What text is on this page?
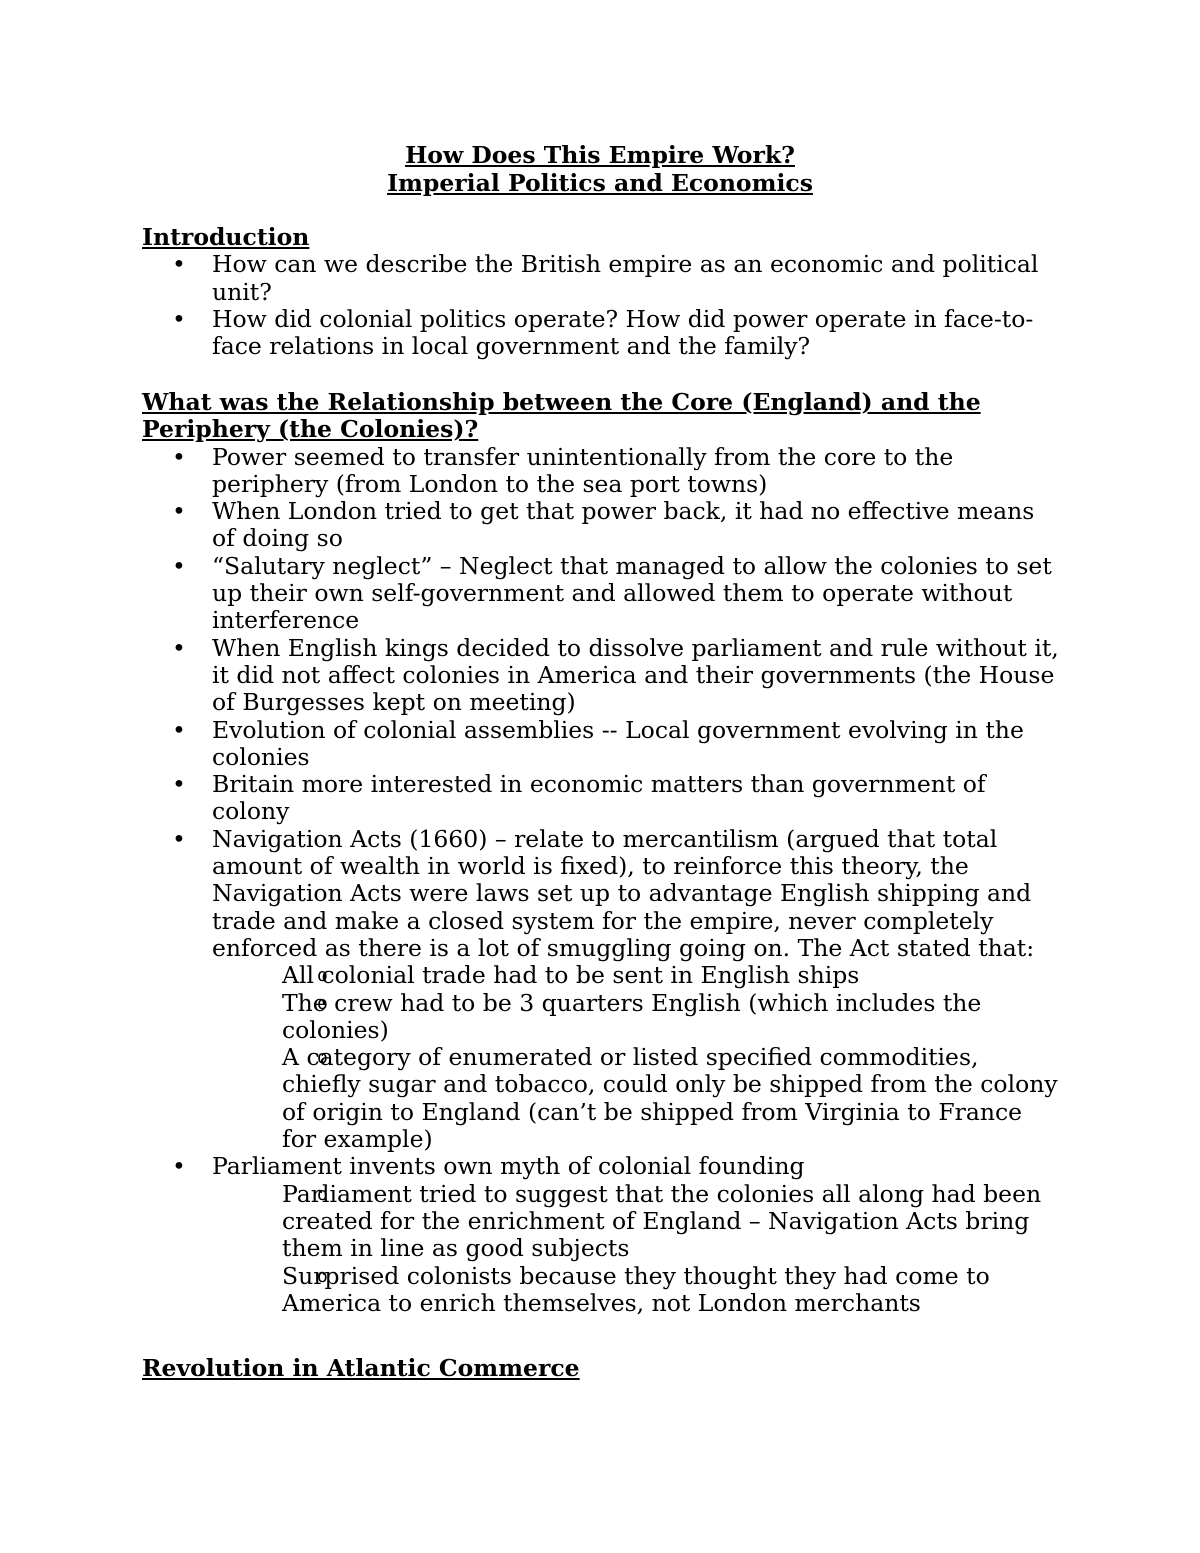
How Does This Empire Work?
Imperial Politics and Economics
Introduction
• How can we describe the British empire as an economic and political unit?
• How did colonial politics operate? How did power operate in face-to-face relations in local government and the family?
What was the Relationship between the Core (England) and the Periphery (the Colonies)?
• Power seemed to transfer unintentionally from the core to the periphery (from London to the sea port towns)
• When London tried to get that power back, it had no effective means of doing so
• “Salutary neglect” – Neglect that managed to allow the colonies to set up their own self-government and allowed them to operate without interference
• When English kings decided to dissolve parliament and rule without it, it did not affect colonies in America and their governments (the House of Burgesses kept on meeting)
• Evolution of colonial assemblies -- Local government evolving in the colonies
• Britain more interested in economic matters than government of colony
• Navigation Acts (1660) – relate to mercantilism (argued that total amount of wealth in world is fixed), to reinforce this theory, the Navigation Acts were laws set up to advantage English shipping and trade and make a closed system for the empire, never completely enforced as there is a lot of smuggling going on. The Act stated that:
o All colonial trade had to be sent in English ships
o The crew had to be 3 quarters English (which includes the colonies)
o A category of enumerated or listed specified commodities, chiefly sugar and tobacco, could only be shipped from the colony of origin to England (can’t be shipped from Virginia to France for example)
• Parliament invents own myth of colonial founding
o Parliament tried to suggest that the colonies all along had been created for the enrichment of England – Navigation Acts bring them in line as good subjects
o Surprised colonists because they thought they had come to America to enrich themselves, not London merchants
Revolution in Atlantic Commerce
